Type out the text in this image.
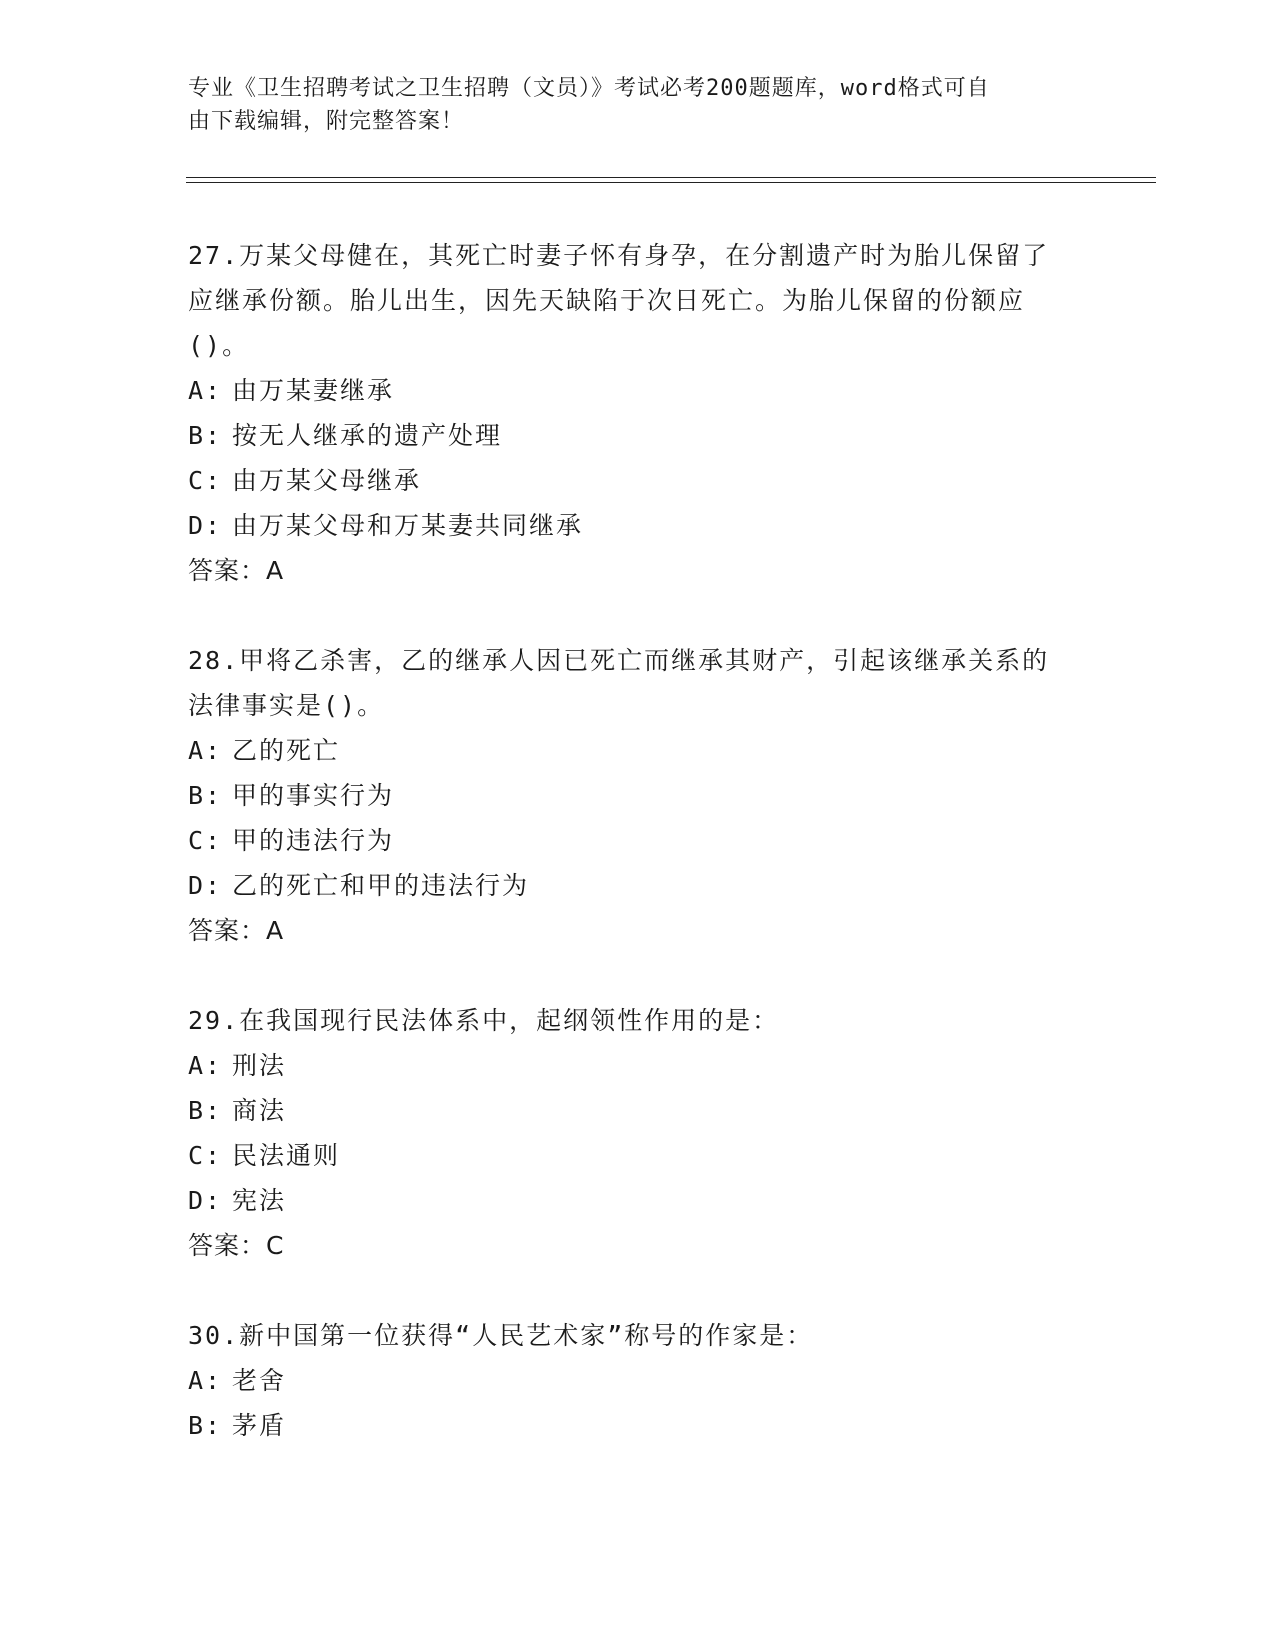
专业《卫生招聘考试之卫生招聘（文员）》考试必考200题题库，word格式可自
由下载编辑，附完整答案！
27.万某父母健在，其死亡时妻子怀有身孕，在分割遗产时为胎儿保留了应继承份额。胎儿出生，因先天缺陷于次日死亡。为胎儿保留的份额应()。
A: 由万某妻继承
B: 按无人继承的遗产处理
C: 由万某父母继承
D: 由万某父母和万某妻共同继承
答案：A
28.甲将乙杀害，乙的继承人因已死亡而继承其财产，引起该继承关系的法律事实是()。
A: 乙的死亡
B: 甲的事实行为
C: 甲的违法行为
D: 乙的死亡和甲的违法行为
答案：A
29.在我国现行民法体系中，起纲领性作用的是：
A: 刑法
B: 商法
C: 民法通则
D: 宪法
答案：C
30.新中国第一位获得“人民艺术家”称号的作家是：
A: 老舍
B: 茅盾
